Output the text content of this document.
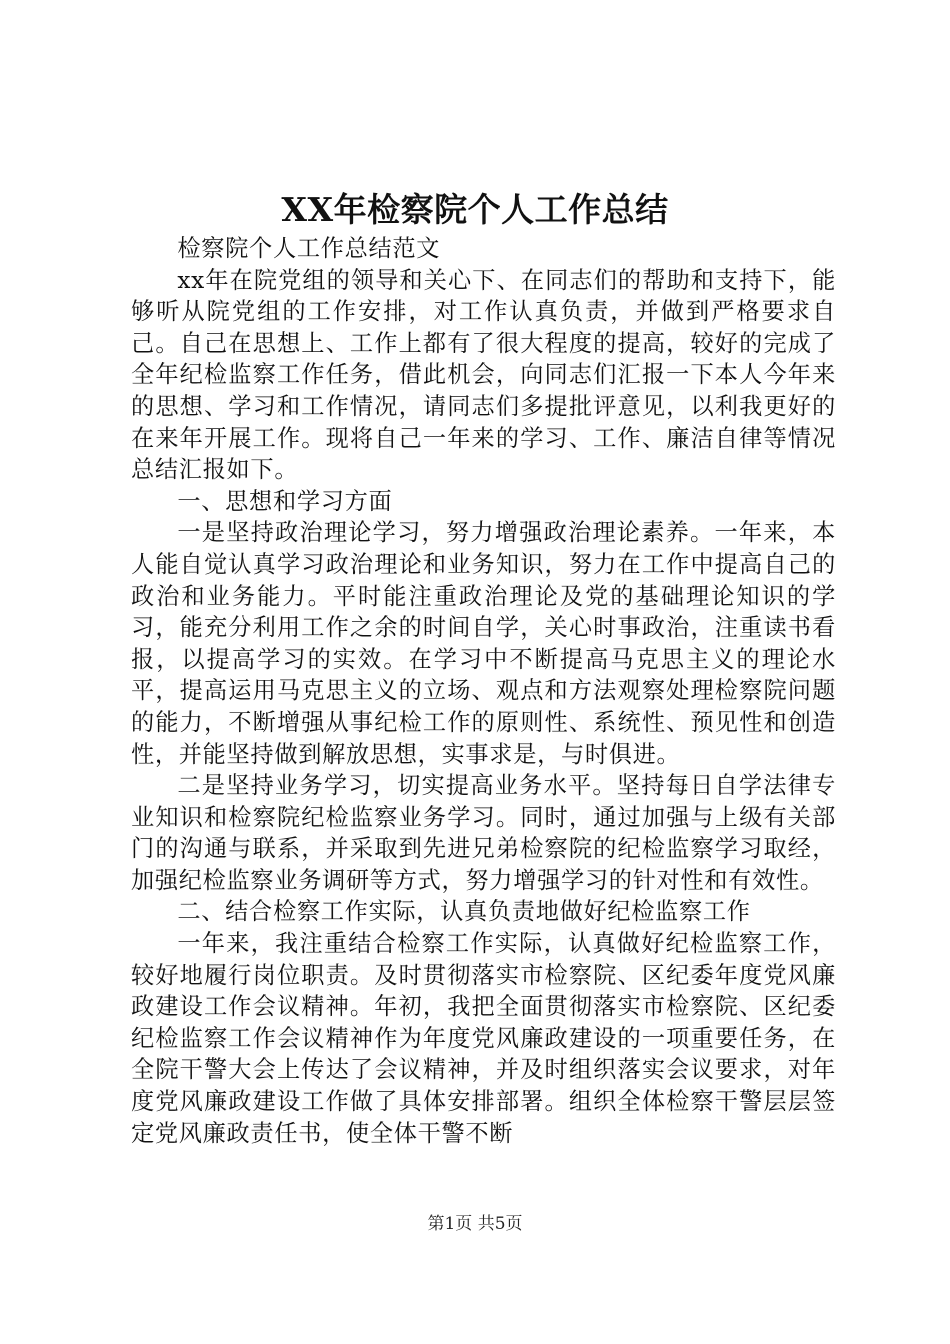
XX年检察院个人工作总结

检察院个人工作总结范文

xx年在院党组的领导和关心下、在同志们的帮助和支持下，能够听从院党组的工作安排，对工作认真负责，并做到严格要求自己。自己在思想上、工作上都有了很大程度的提高，较好的完成了全年纪检监察工作任务，借此机会，向同志们汇报一下本人今年来的思想、学习和工作情况，请同志们多提批评意见，以利我更好的在来年开展工作。现将自己一年来的学习、工作、廉洁自律等情况总结汇报如下。

一、思想和学习方面

一是坚持政治理论学习，努力增强政治理论素养。一年来，本人能自觉认真学习政治理论和业务知识，努力在工作中提高自己的政治和业务能力。平时能注重政治理论及党的基础理论知识的学习，能充分利用工作之余的时间自学，关心时事政治，注重读书看报，以提高学习的实效。在学习中不断提高马克思主义的理论水平，提高运用马克思主义的立场、观点和方法观察处理检察院问题的能力，不断增强从事纪检工作的原则性、系统性、预见性和创造性，并能坚持做到解放思想，实事求是，与时俱进。

二是坚持业务学习，切实提高业务水平。坚持每日自学法律专业知识和检察院纪检监察业务学习。同时，通过加强与上级有关部门的沟通与联系，并采取到先进兄弟检察院的纪检监察学习取经，加强纪检监察业务调研等方式，努力增强学习的针对性和有效性。

二、结合检察工作实际，认真负责地做好纪检监察工作

一年来，我注重结合检察工作实际，认真做好纪检监察工作，较好地履行岗位职责。及时贯彻落实市检察院、区纪委年度党风廉政建设工作会议精神。年初，我把全面贯彻落实市检察院、区纪委纪检监察工作会议精神作为年度党风廉政建设的一项重要任务，在全院干警大会上传达了会议精神，并及时组织落实会议要求，对年度党风廉政建设工作做了具体安排部署。组织全体检察干警层层签定党风廉政责任书，使全体干警不断

第1页 共5页
